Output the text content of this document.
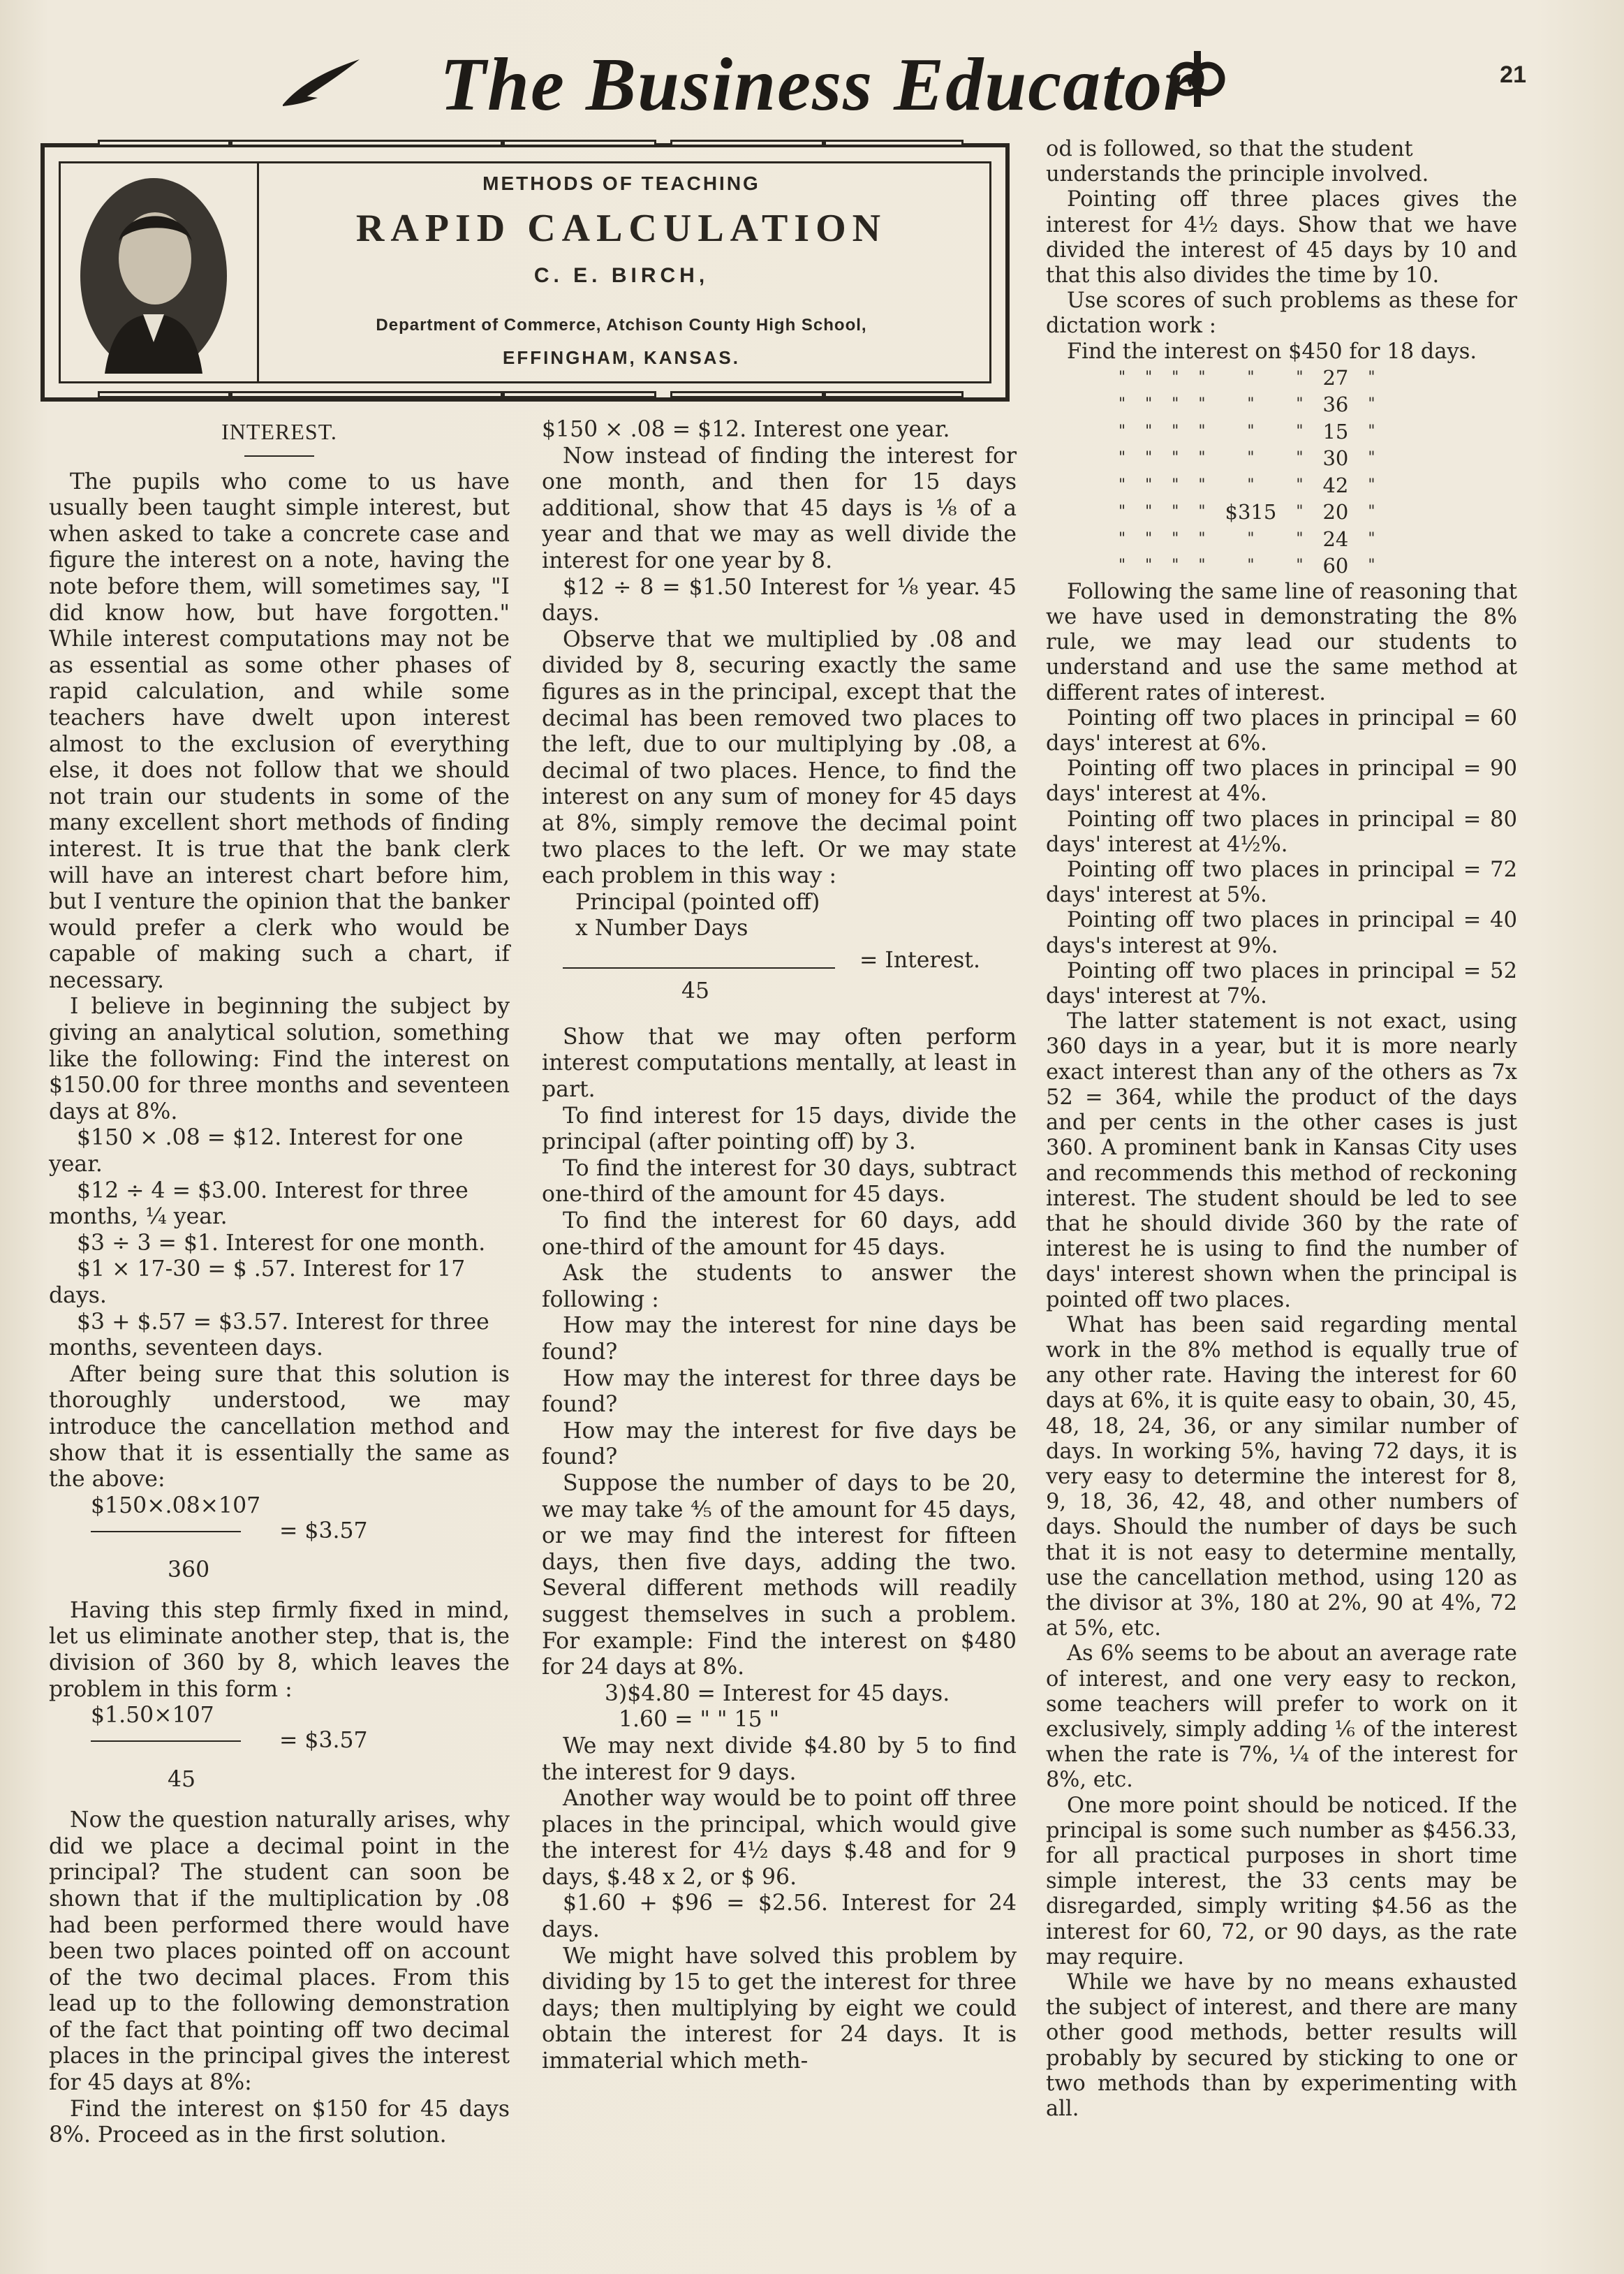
The Business Educator	21
METHODS OF TEACHING
RAPID CALCULATION
C. E. BIRCH,
Department of Commerce, Atchison County High School,
EFFINGHAM, KANSAS.

INTEREST.

The pupils who come to us have usually been taught simple interest, but when asked to take a concrete case and figure the interest on a note, having the note before them, will sometimes say, "I did know how, but have forgotten." While interest computations may not be as essential as some other phases of rapid calculation, and while some teachers have dwelt upon interest almost to the exclusion of everything else, it does not follow that we should not train our students in some of the many excellent short methods of finding interest. It is true that the bank clerk will have an interest chart before him, but I venture the opinion that the banker would prefer a clerk who would be capable of making such a chart, if necessary.

I believe in beginning the subject by giving an analytical solution, something like the following: Find the interest on $150.00 for three months and seventeen days at 8%.

$150 × .08 = $12. Interest for one year.

$12 ÷ 4 = $3.00. Interest for three months, ¼ year.

$3 ÷ 3 = $1. Interest for one month.

$1 × 17-30 = $ .57. Interest for 17 days.

$3 + $.57 = $3.57. Interest for three months, seventeen days.

After being sure that this solution is thoroughly understood, we may introduce the cancellation method and show that it is essentially the same as the above:

$150×.08×107
= $3.57
360

Having this step firmly fixed in mind, let us eliminate another step, that is, the division of 360 by 8, which leaves the problem in this form :

$1.50×107
= $3.57
45

Now the question naturally arises, why did we place a decimal point in the principal? The student can soon be shown that if the multiplication by .08 had been performed there would have been two places pointed off on account of the two decimal places. From this lead up to the following demonstration of the fact that pointing off two decimal places in the principal gives the interest for 45 days at 8%:

Find the interest on $150 for 45 days 8%. Proceed as in the first solution.

$150 × .08 = $12. Interest one year.

Now instead of finding the interest for one month, and then for 15 days additional, show that 45 days is ⅛ of a year and that we may as well divide the interest for one year by 8.

$12 ÷ 8 = $1.50 Interest for ⅛ year. 45 days.

Observe that we multiplied by .08 and divided by 8, securing exactly the same figures as in the principal, except that the decimal has been removed two places to the left, due to our multiplying by .08, a decimal of two places. Hence, to find the interest on any sum of money for 45 days at 8%, simply remove the decimal point two places to the left. Or we may state each problem in this way :

Principal (pointed off)

x Number Days

= Interest.
45

Show that we may often perform interest computations mentally, at least in part.

To find interest for 15 days, divide the principal (after pointing off) by 3.

To find the interest for 30 days, subtract one-third of the amount for 45 days.

To find the interest for 60 days, add one-third of the amount for 45 days.

Ask the students to answer the following :

How may the interest for nine days be found?

How may the interest for three days be found?

How may the interest for five days be found?

Suppose the number of days to be 20, we may take ⅘ of the amount for 45 days, or we may find the interest for fifteen days, then five days, adding the two. Several different methods will readily suggest themselves in such a problem. For example: Find the interest on $480 for 24 days at 8%.

3)$4.80 = Interest for 45 days.

1.60 = " " 15 "

We may next divide $4.80 by 5 to find the interest for 9 days.

Another way would be to point off three places in the principal, which would give the interest for 4½ days $.48 and for 9 days, $.48 x 2, or $ 96.

$1.60 + $96 = $2.56. Interest for 24 days.

We might have solved this problem by dividing by 15 to get the interest for three days; then multiplying by eight we could obtain the interest for 24 days. It is immaterial which meth-

od is followed, so that the student understands the principle involved.

Pointing off three places gives the interest for 4½ days. Show that we have divided the interest of 45 days by 10 and that this also divides the time by 10.

Use scores of such problems as these for dictation work :

Find the interest on $450 for 18 days.

"	"	"	"	"	"	27	"
"	"	"	"	"	"	36	"
"	"	"	"	"	"	15	"
"	"	"	"	"	"	30	"
"	"	"	"	"	"	42	"
"	"	"	"	$315	"	20	"
"	"	"	"	"	"	24	"
"	"	"	"	"	"	60	"

Following the same line of reasoning that we have used in demonstrating the 8% rule, we may lead our students to understand and use the same method at different rates of interest.

Pointing off two places in principal = 60 days' interest at 6%.

Pointing off two places in principal = 90 days' interest at 4%.

Pointing off two places in principal = 80 days' interest at 4½%.

Pointing off two places in principal = 72 days' interest at 5%.

Pointing off two places in principal = 40 days's interest at 9%.

Pointing off two places in principal = 52 days' interest at 7%.

The latter statement is not exact, using 360 days in a year, but it is more nearly exact interest than any of the others as 7x 52 = 364, while the product of the days and per cents in the other cases is just 360. A prominent bank in Kansas City uses and recommends this method of reckoning interest. The student should be led to see that he should divide 360 by the rate of interest he is using to find the number of days' interest shown when the principal is pointed off two places.

What has been said regarding mental work in the 8% method is equally true of any other rate. Having the interest for 60 days at 6%, it is quite easy to obain, 30, 45, 48, 18, 24, 36, or any similar number of days. In working 5%, having 72 days, it is very easy to determine the interest for 8, 9, 18, 36, 42, 48, and other numbers of days. Should the number of days be such that it is not easy to determine mentally, use the cancellation method, using 120 as the divisor at 3%, 180 at 2%, 90 at 4%, 72 at 5%, etc.

As 6% seems to be about an average rate of interest, and one very easy to reckon, some teachers will prefer to work on it exclusively, simply adding ⅙ of the interest when the rate is 7%, ¼ of the interest for 8%, etc.

One more point should be noticed. If the principal is some such number as $456.33, for all practical purposes in short time simple interest, the 33 cents may be disregarded, simply writing $4.56 as the interest for 60, 72, or 90 days, as the rate may require.

While we have by no means exhausted the subject of interest, and there are many other good methods, better results will probably by secured by sticking to one or two methods than by experimenting with all.
